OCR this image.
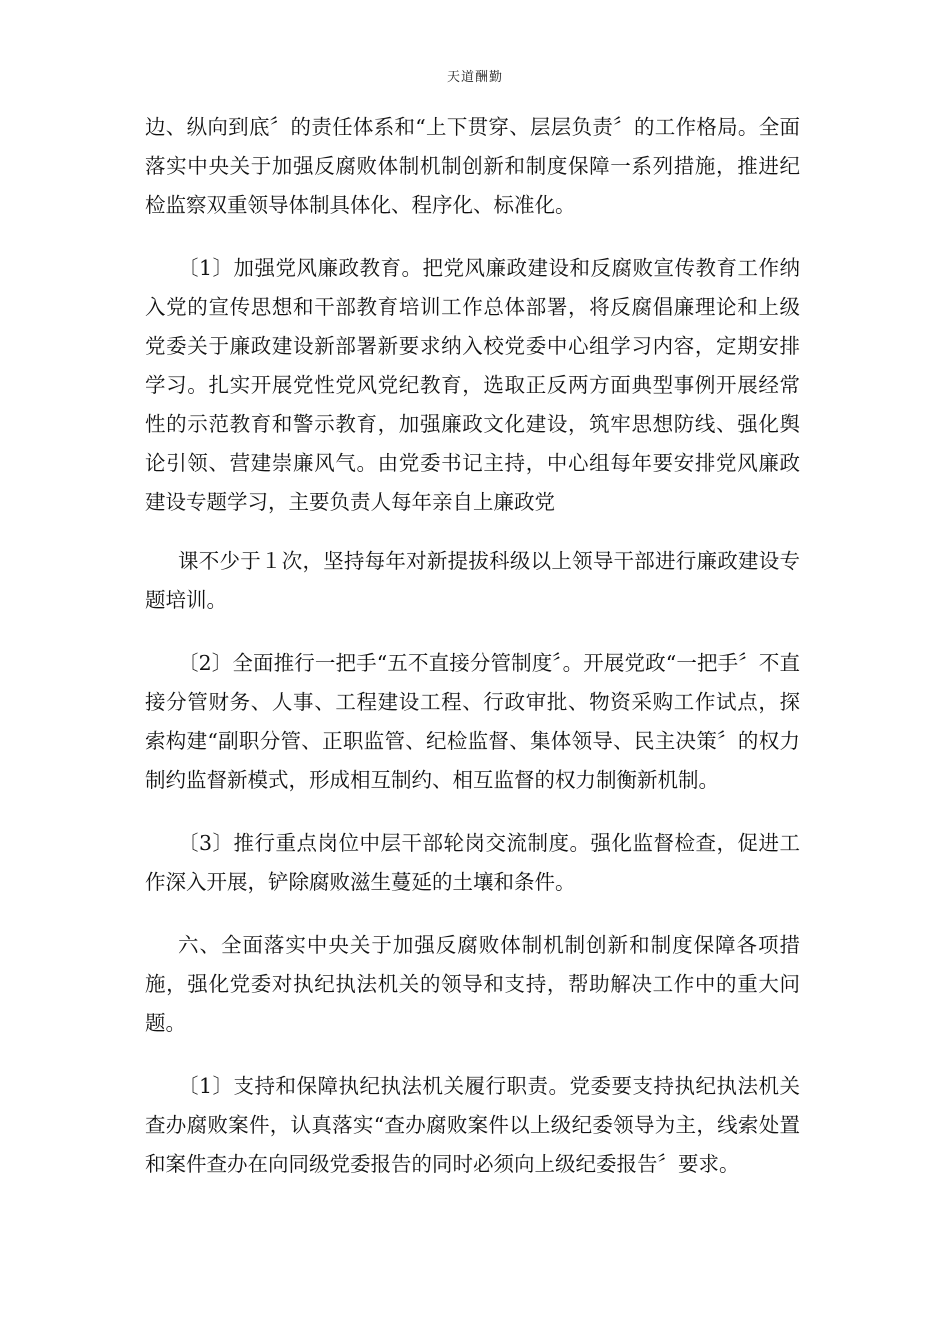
天道酬勤

边、纵向到底〞的责任体系和“上下贯穿、层层负责〞的工作格局。全面落实中央关于加强反腐败体制机制创新和制度保障一系列措施，推进纪检监察双重领导体制具体化、程序化、标准化。

〔1〕加强党风廉政教育。把党风廉政建设和反腐败宣传教育工作纳入党的宣传思想和干部教育培训工作总体部署，将反腐倡廉理论和上级党委关于廉政建设新部署新要求纳入校党委中心组学习内容，定期安排学习。扎实开展党性党风党纪教育，选取正反两方面典型事例开展经常性的示范教育和警示教育，加强廉政文化建设，筑牢思想防线、强化舆论引领、营建崇廉风气。由党委书记主持，中心组每年要安排党风廉政建设专题学习，主要负责人每年亲自上廉政党

课不少于１次，坚持每年对新提拔科级以上领导干部进行廉政建设专题培训。

〔2〕全面推行一把手“五不直接分管制度〞。开展党政“一把手〞不直接分管财务、人事、工程建设工程、行政审批、物资采购工作试点，探索构建“副职分管、正职监管、纪检监督、集体领导、民主决策〞的权力制约监督新模式，形成相互制约、相互监督的权力制衡新机制。

〔3〕推行重点岗位中层干部轮岗交流制度。强化监督检查，促进工作深入开展，铲除腐败滋生蔓延的土壤和条件。

六、全面落实中央关于加强反腐败体制机制创新和制度保障各项措施，强化党委对执纪执法机关的领导和支持，帮助解决工作中的重大问题。

〔1〕支持和保障执纪执法机关履行职责。党委要支持执纪执法机关查办腐败案件，认真落实“查办腐败案件以上级纪委领导为主，线索处置和案件查办在向同级党委报告的同时必须向上级纪委报告〞要求。
